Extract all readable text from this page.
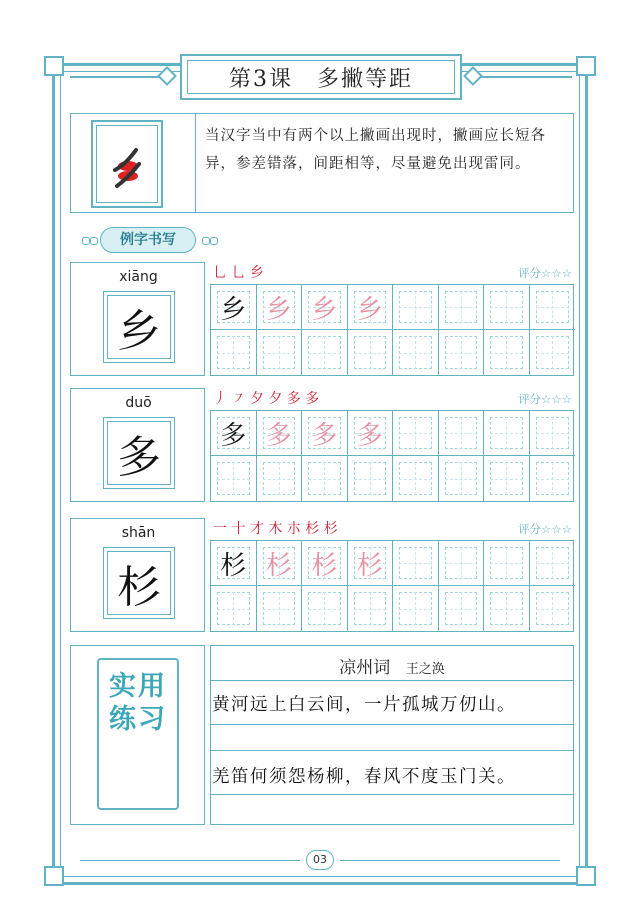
第3课　多撇等距
当汉字当中有两个以上撇画出现时，撇画应长短各异，参差错落，间距相等，尽量避免出现雷同。
例字书写
xiāng
乡
⺃ ⺃ 乡	评分☆☆☆
乡 乡 乡 乡
duō
多
丿 ㇇ 夕 夕 多 多	评分☆☆☆
多 多 多 多
shān
杉
一 十 才 木 朩 杉 杉	评分☆☆☆
杉 杉 杉 杉
实用练习
凉州词 王之涣
黄河远上白云间，一片孤城万仞山。
羌笛何须怨杨柳，春风不度玉门关。
03
